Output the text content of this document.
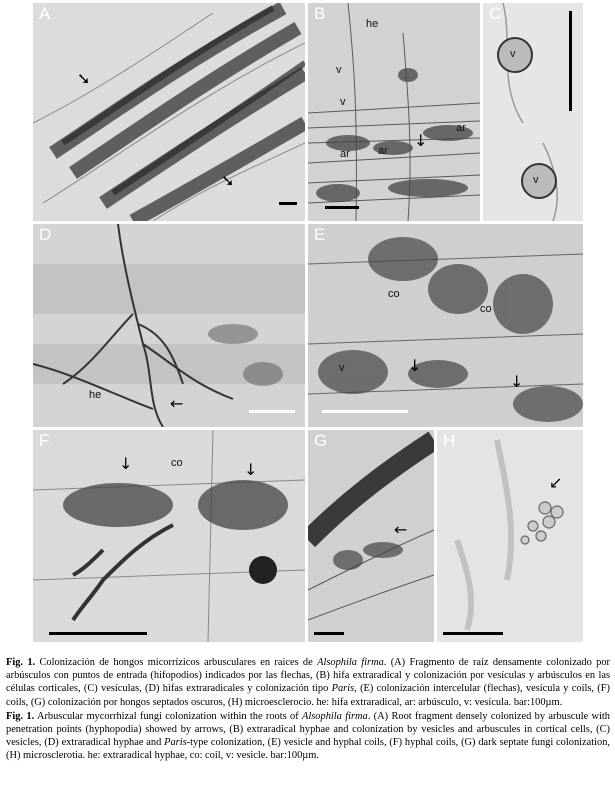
A
➘
➘
B
he
v
v
ar
ar	ar
↓
C
v
v
D
he	←
E
co
co
v	↓
↓
F
co
↓	↓
G
←
H
↙

Fig. 1. Colonización de hongos micorrízicos arbusculares en raíces de Alsophila firma. (A) Fragmento de raíz densamente colonizado por arbúsculos con puntos de entrada (hifopodios) indicados por las flechas, (B) hifa extraradical y colonización por vesículas y arbúsculos en las células corticales, (C) vesículas, (D) hifas extraradicales y colonización tipo Paris, (E) colonización intercelular (flechas), vesícula y coils, (F) coils, (G) colonización por hongos septados oscuros, (H) microesclerocio. he: hifa extraradical, ar: arbúsculo, v: vesícula. bar:100µm.

Fig. 1. Arbuscular mycorrhizal fungi colonization within the roots of Alsophila firma. (A) Root fragment densely colonized by arbuscule with penetration points (hyphopodia) showed by arrows, (B) extraradical hyphae and colonization by vesicles and arbuscules in cortical cells, (C) vesicles, (D) extraradical hyphae and Paris-type colonization, (E) vesicle and hyphal coils, (F) hyphal coils, (G) dark septate fungi colonization, (H) microsclerotia. he: extraradical hyphae, co: coil, v: vesicle. bar:100µm.
